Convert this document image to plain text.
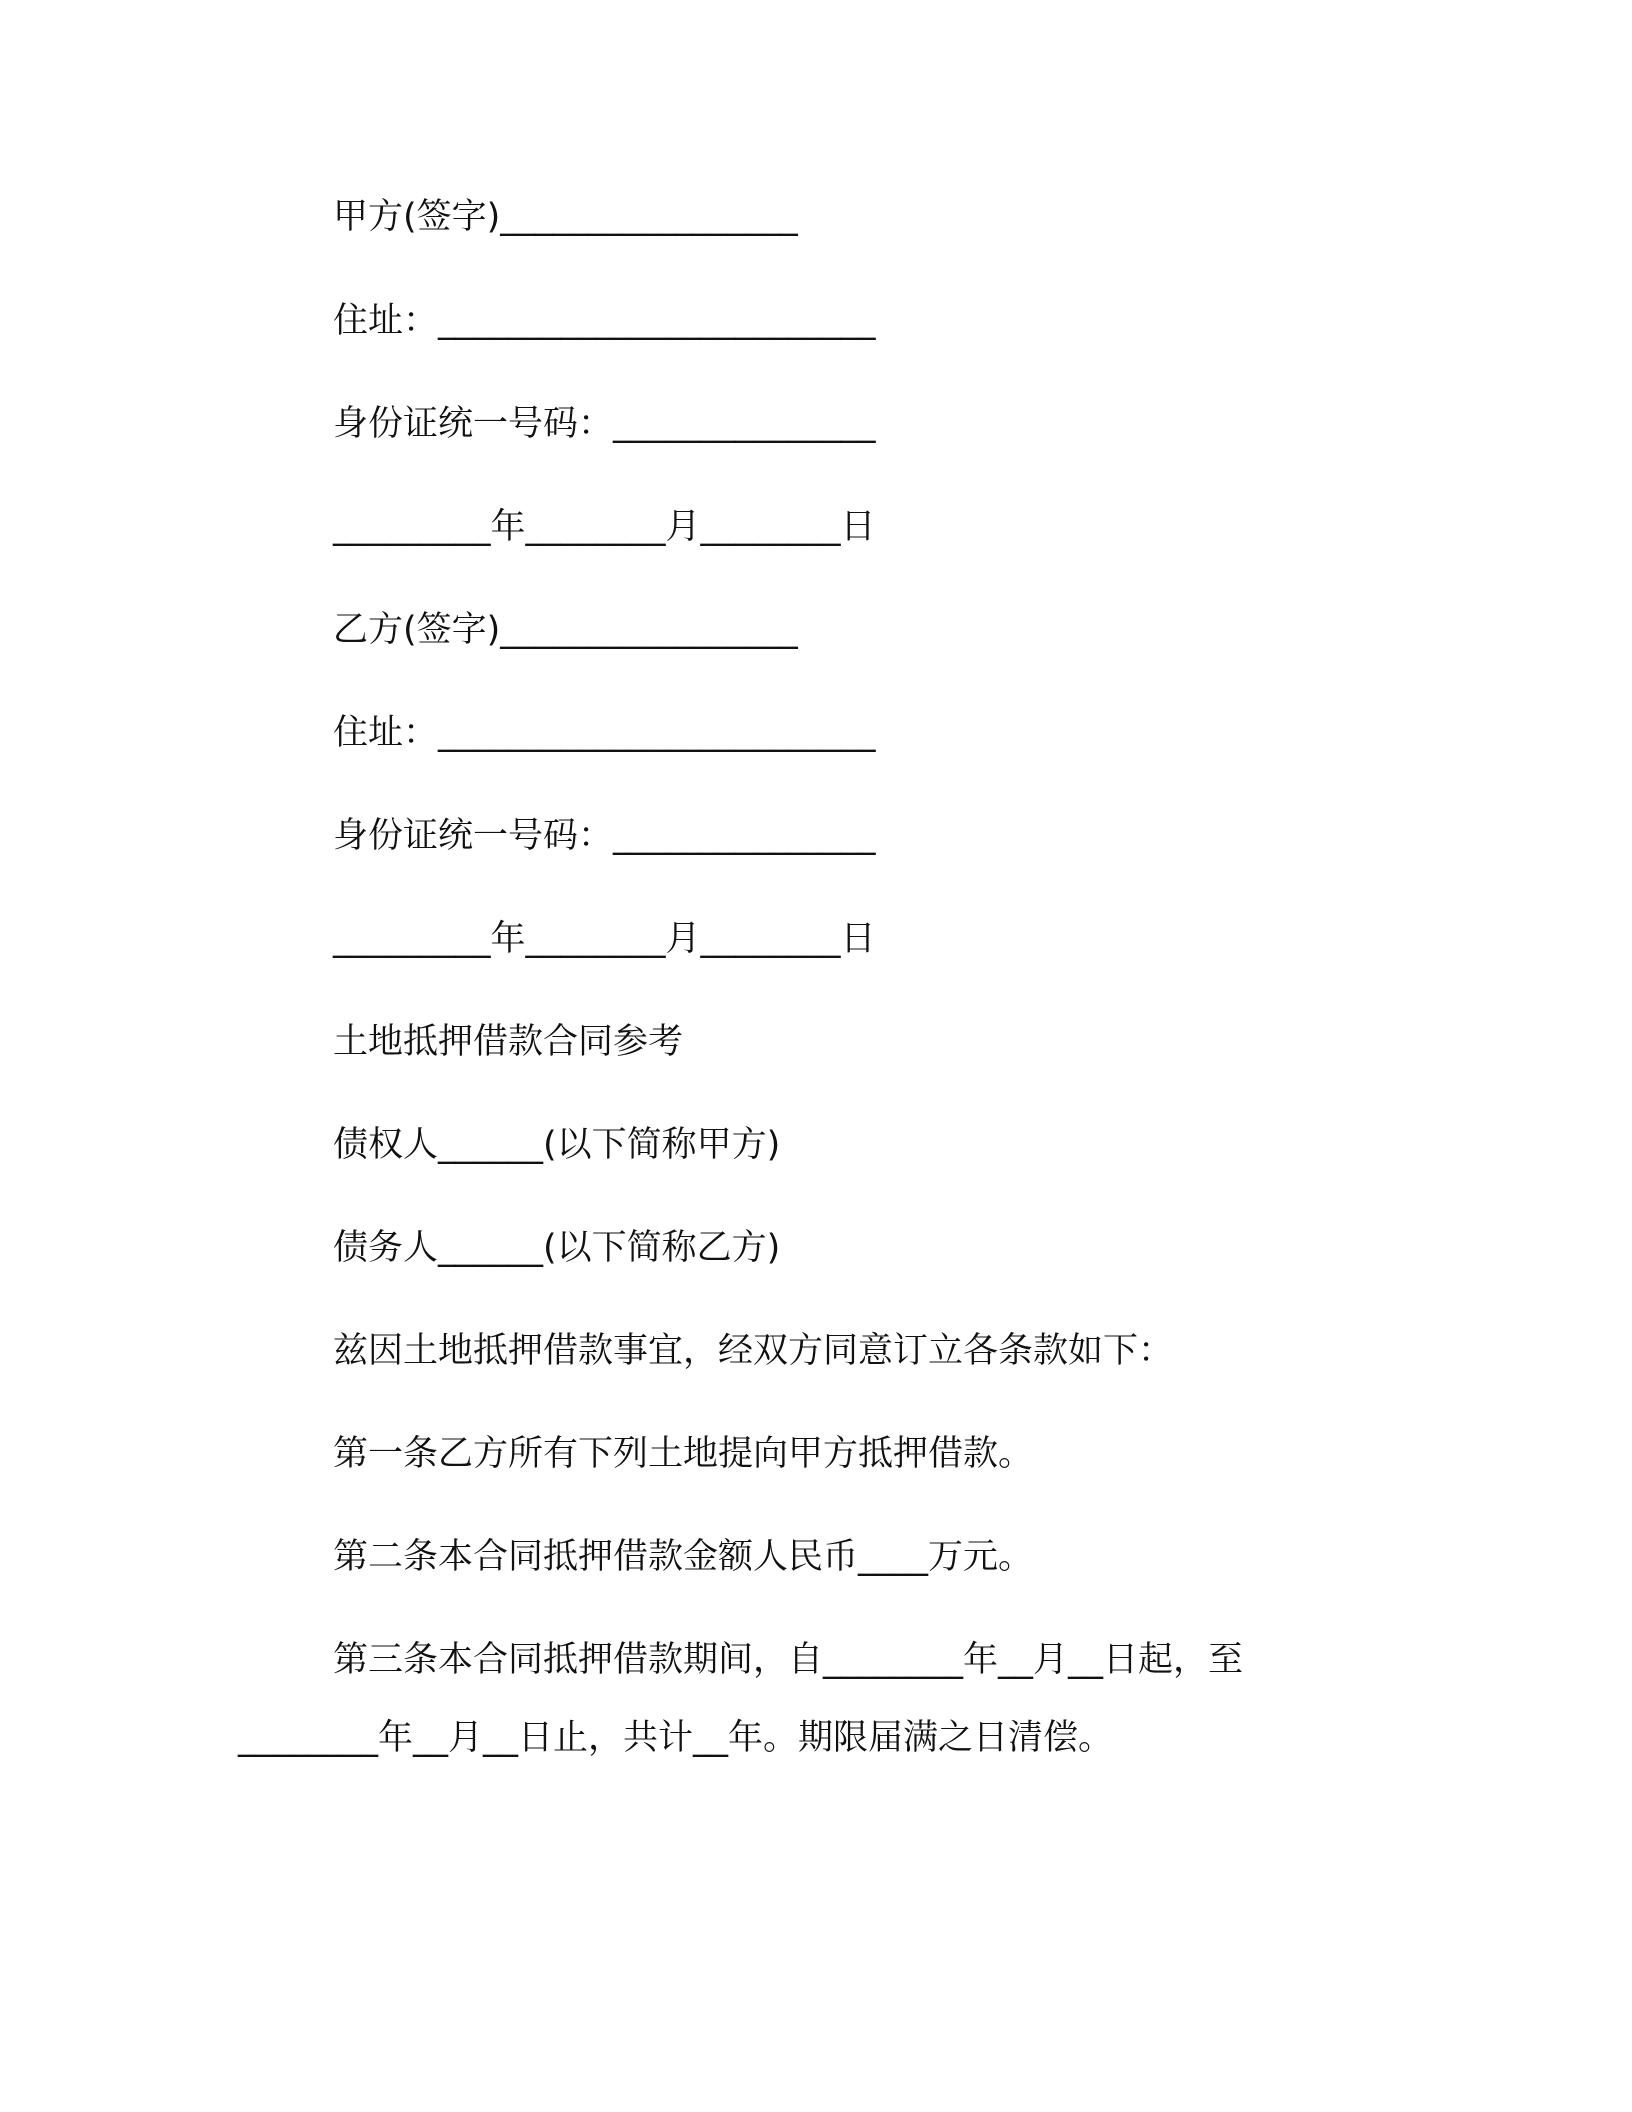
甲方(签字)_________________
住址：_________________________
身份证统一号码：_______________
_________年________月________日
乙方(签字)_________________
住址：_________________________
身份证统一号码：_______________
_________年________月________日
土地抵押借款合同参考
债权人______(以下简称甲方)
债务人______(以下简称乙方)
兹因土地抵押借款事宜，经双方同意订立各条款如下：
第一条乙方所有下列土地提向甲方抵押借款。
第二条本合同抵押借款金额人民币____万元。
第三条本合同抵押借款期间，自________年__月__日起，至
________年__月__日止，共计__年。期限届满之日清偿。
